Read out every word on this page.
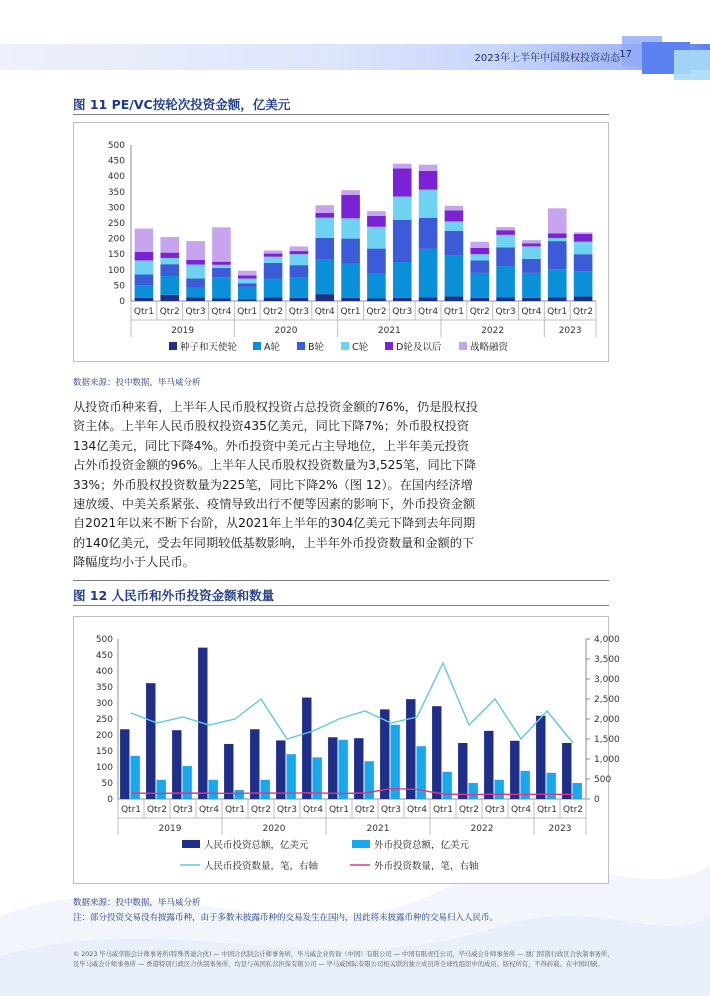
2023年上半年中国股权投资动态 17
图 11 PE/VC按轮次投资金额，亿美元
0
50
100
150
200
250
300
350
400
450
500
Qtr1 Qtr2 Qtr3 Qtr4 Qtr1 Qtr2 Qtr3 Qtr4 Qtr1 Qtr2 Qtr3 Qtr4 Qtr1 Qtr2 Qtr3 Qtr4 Qtr1 Qtr2
2019	2020	2021	2022	2023
种子和天使轮	A轮	B轮	C轮	D轮及以后	战略融资
数据来源：投中数据，毕马威分析

从投资币种来看，上半年人民币股权投资占总投资金额的76%，仍是股权投

资主体。上半年人民币股权投资435亿美元，同比下降7%；外币股权投资

134亿美元，同比下降4%。外币投资中美元占主导地位，上半年美元投资

占外币投资金额的96%。上半年人民币股权投资数量为3,525笔，同比下降

33%；外币股权投资数量为225笔，同比下降2%（图 12）。在国内经济增

速放缓、中美关系紧张、疫情导致出行不便等因素的影响下，外币投资金额

自2021年以来不断下台阶，从2021年上半年的304亿美元下降到去年同期

的140亿美元，受去年同期较低基数影响，上半年外币投资数量和金额的下

降幅度均小于人民币。

图 12 人民币和外币投资金额和数量
0
50
100
150
200
250
300
350
400
450
500
0
500
1,000
1,500
2,000
2,500
3,000
3,500
4,000
Qtr1 Qtr2 Qtr3 Qtr4 Qtr1 Qtr2 Qtr3 Qtr4 Qtr1 Qtr2 Qtr3 Qtr4 Qtr1 Qtr2 Qtr3 Qtr4 Qtr1 Qtr2
2019	2020	2021	2022	2023
人民币投资总额，亿美元	外币投资总额，亿美元
人民币投资数量，笔，右轴	外币投资数量，笔，右轴
数据来源：投中数据，毕马威分析
注：部分投资交易没有披露币种，由于多数未披露币种的交易发生在国内，因此将未披露币种的交易归入人民币。

© 2023 毕马威华振会计师事务所(特殊普通合伙) — 中国合伙制会计师事务所，毕马威企业咨询（中国）有限公司 — 中国有限责任公司，毕马威会计师事务所 — 澳门特别行政区合伙制事务所，

及毕马威会计师事务所 — 香港特别行政区合伙制事务所，均是与英国私营担保有限公司 — 毕马威国际有限公司相关联的独立成员所全球性组织中的成员。版权所有，不得转载。在中国印刷。
